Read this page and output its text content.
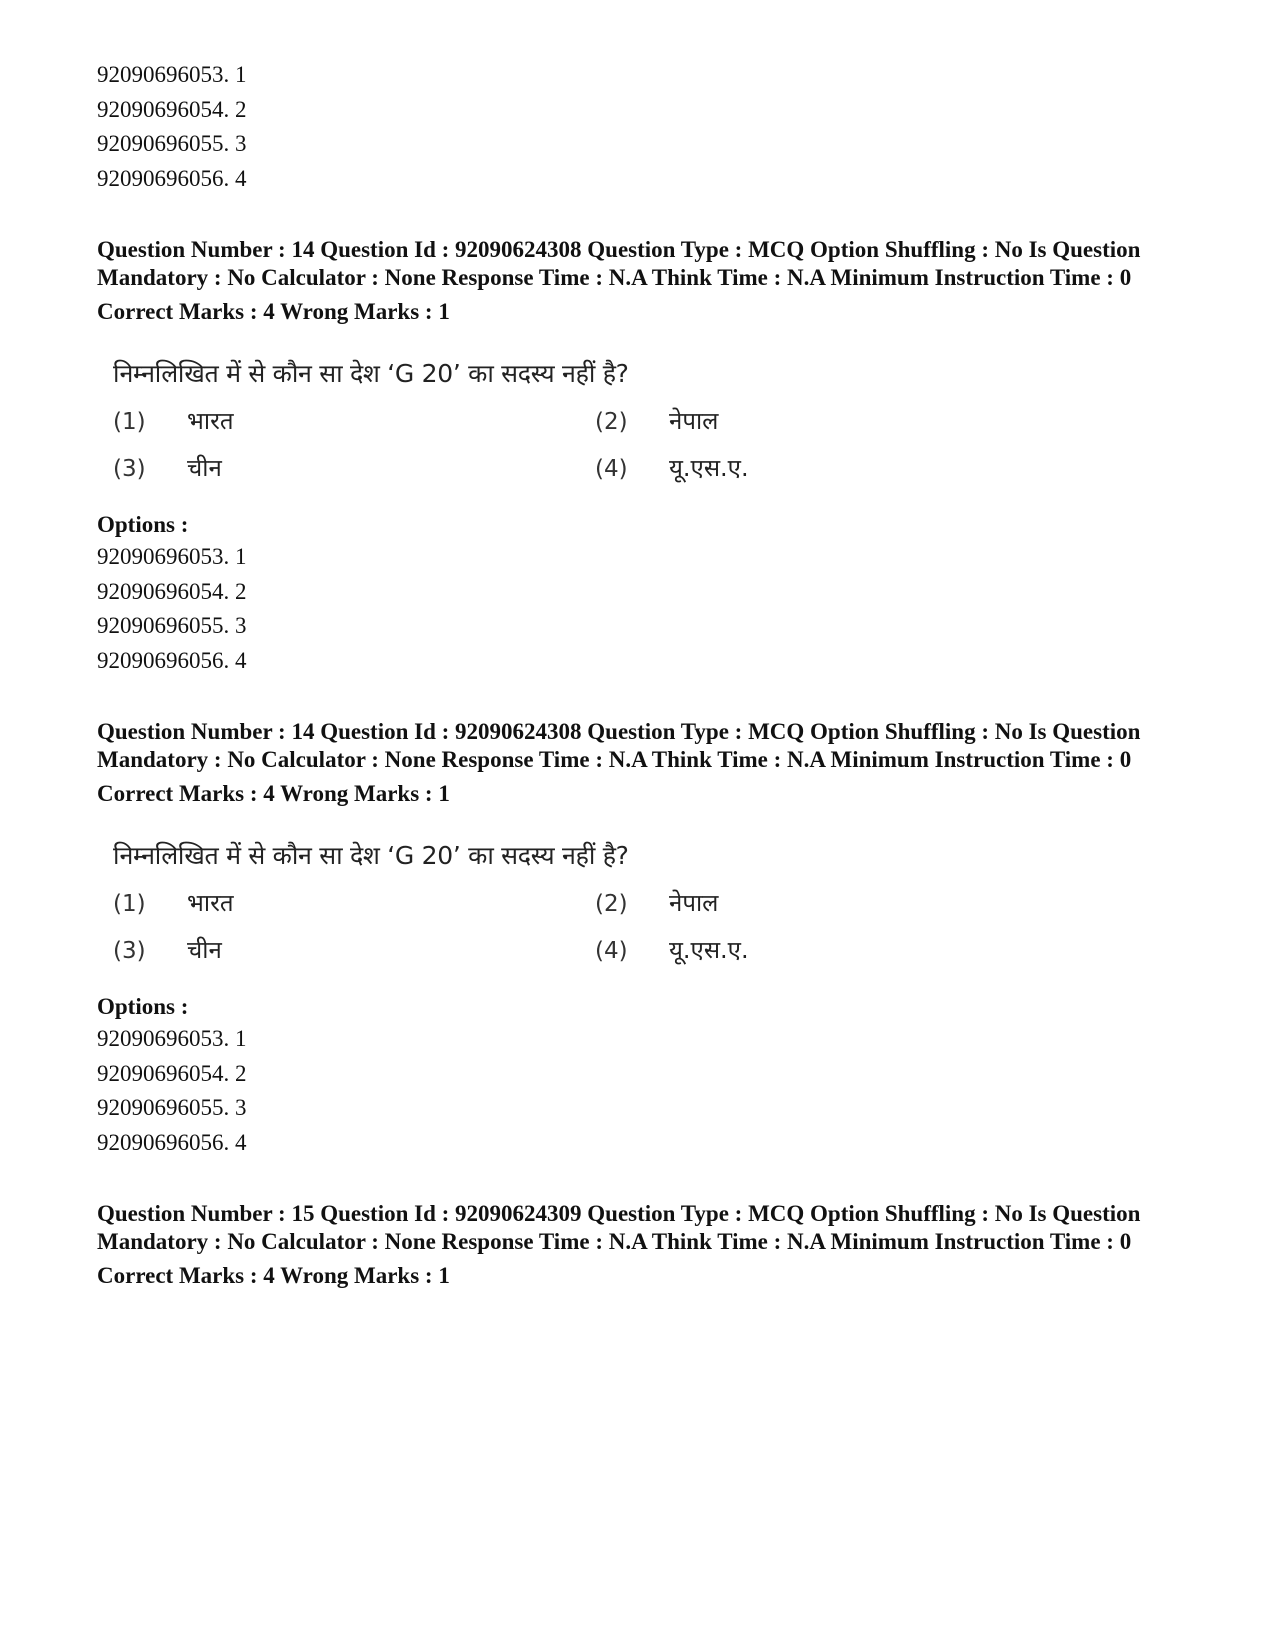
92090696053. 1
92090696054. 2
92090696055. 3
92090696056. 4

Question Number : 14 Question Id : 92090624308 Question Type : MCQ Option Shuffling : No Is Question Mandatory : No Calculator : None Response Time : N.A Think Time : N.A Minimum Instruction Time : 0

Correct Marks : 4 Wrong Marks : 1
निम्नलिखित में से कौन सा देश ‘G 20’ का सदस्य नहीं है?
(1) भारत	(2) नेपाल
(3) चीन	(4) यू.एस.ए.
Options :
92090696053. 1
92090696054. 2
92090696055. 3
92090696056. 4

Question Number : 14 Question Id : 92090624308 Question Type : MCQ Option Shuffling : No Is Question Mandatory : No Calculator : None Response Time : N.A Think Time : N.A Minimum Instruction Time : 0

Correct Marks : 4 Wrong Marks : 1
निम्नलिखित में से कौन सा देश ‘G 20’ का सदस्य नहीं है?
(1) भारत	(2) नेपाल
(3) चीन	(4) यू.एस.ए.
Options :
92090696053. 1
92090696054. 2
92090696055. 3
92090696056. 4

Question Number : 15 Question Id : 92090624309 Question Type : MCQ Option Shuffling : No Is Question Mandatory : No Calculator : None Response Time : N.A Think Time : N.A Minimum Instruction Time : 0

Correct Marks : 4 Wrong Marks : 1
